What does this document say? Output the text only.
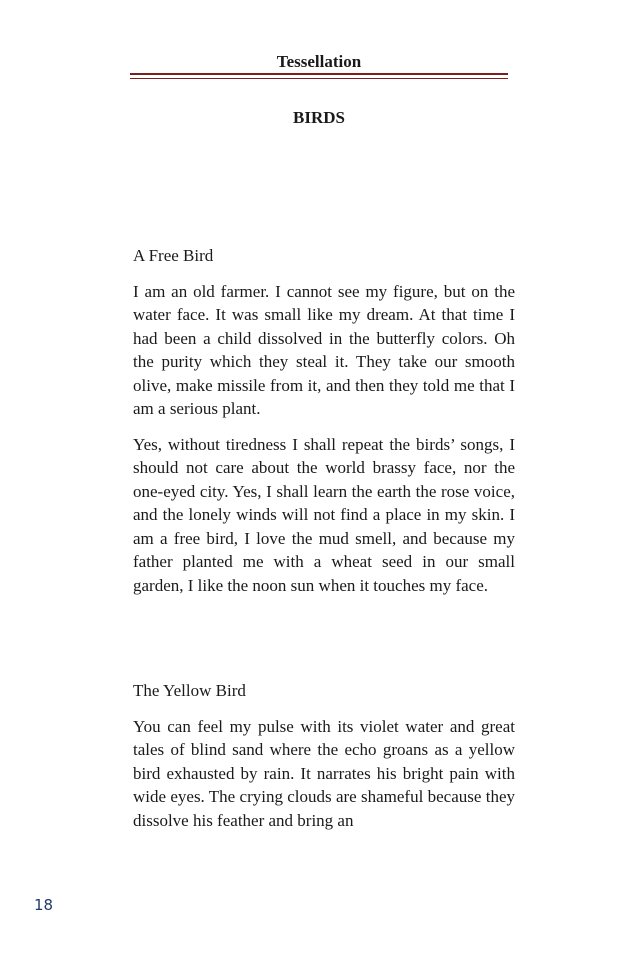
Tessellation

BIRDS

A Free Bird

I am an old farmer. I cannot see my figure, but on the water face. It was small like my dream. At that time I had been a child dissolved in the butterfly colors. Oh the purity which they steal it. They take our smooth olive, make missile from it, and then they told me that I am a serious plant.

Yes, without tiredness I shall repeat the birds’ songs, I should not care about the world brassy face, nor the one-eyed city. Yes, I shall learn the earth the rose voice, and the lonely winds will not find a place in my skin. I am a free bird, I love the mud smell, and because my father planted me with a wheat seed in our small garden, I like the noon sun when it touches my face.

The Yellow Bird

You can feel my pulse with its violet water and great tales of blind sand where the echo groans as a yellow bird exhausted by rain. It narrates his bright pain with wide eyes. The crying clouds are shameful because they dissolve his feather and bring an

18
